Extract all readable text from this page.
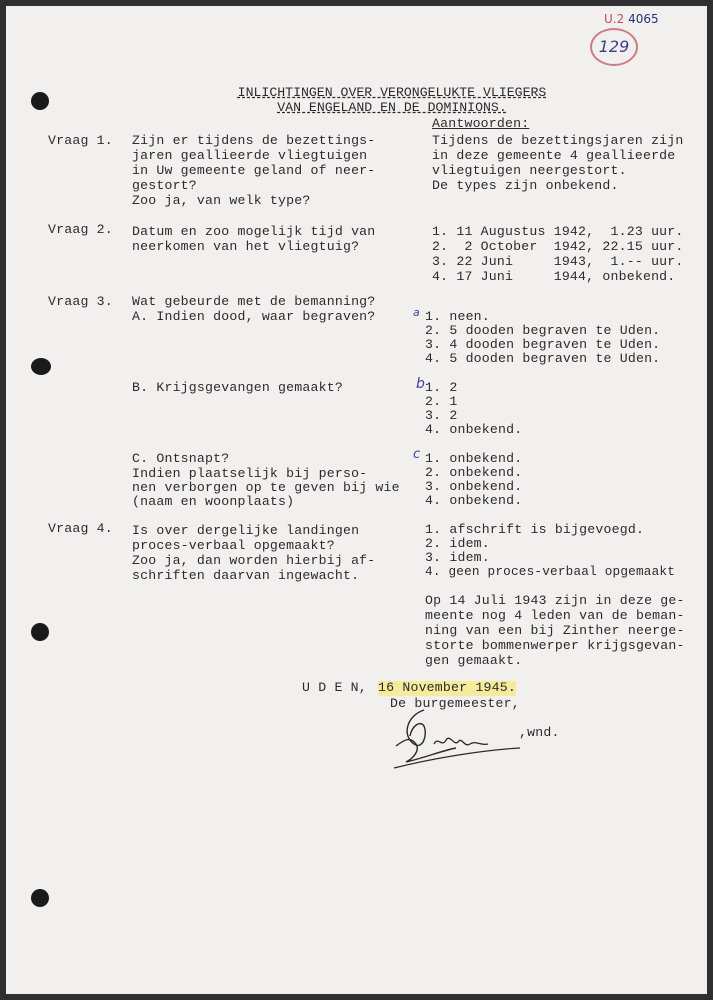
U.2 4065
129
INLICHTINGEN OVER VERONGELUKTE VLIEGERS
VAN ENGELAND EN DE DOMINIONS.
Aantwoorden:
Vraag 1. Zijn er tijdens de bezettings-
jaren geallieerde vliegtuigen
in Uw gemeente geland of neer-
gestort?
Zoo ja, van welk type?
Tijdens de bezettingsjaren zijn
in deze gemeente 4 geallieerde
vliegtuigen neergestort.
De types zijn onbekend.
Vraag 2. Datum en zoo mogelijk tijd van
neerkomen van het vliegtuig?
1. 11 Augustus 1942,  1.23 uur.
2.  2 October  1942, 22.15 uur.
3. 22 Juni     1943,  1.-- uur.
4. 17 Juni     1944, onbekend.
Vraag 3. Wat gebeurde met de bemanning?
A. Indien dood, waar begraven?	a 1. neen.
2. 5 dooden begraven te Uden.
3. 4 dooden begraven te Uden.
4. 5 dooden begraven te Uden.
B. Krijgsgevangen gemaakt?	b 1. 2
2. 1
3. 2
4. onbekend.
C. Ontsnapt?
Indien plaatselijk bij perso-
nen verborgen op te geven bij wie
(naam en woonplaats)
c 1. onbekend.
2. onbekend.
3. onbekend.
4. onbekend.
Vraag 4. Is over dergelijke landingen
proces-verbaal opgemaakt?
Zoo ja, dan worden hierbij af-
schriften daarvan ingewacht.
1. afschrift is bijgevoegd.
2. idem.
3. idem.
4. geen proces-verbaal opgemaakt
Op 14 Juli 1943 zijn in deze ge-
meente nog 4 leden van de beman-
ning van een bij Zinther neerge-
storte bommenwerper krijgsgevan-
gen gemaakt.
U D E N, 16 November 1945.
De burgemeester,
,wnd.
